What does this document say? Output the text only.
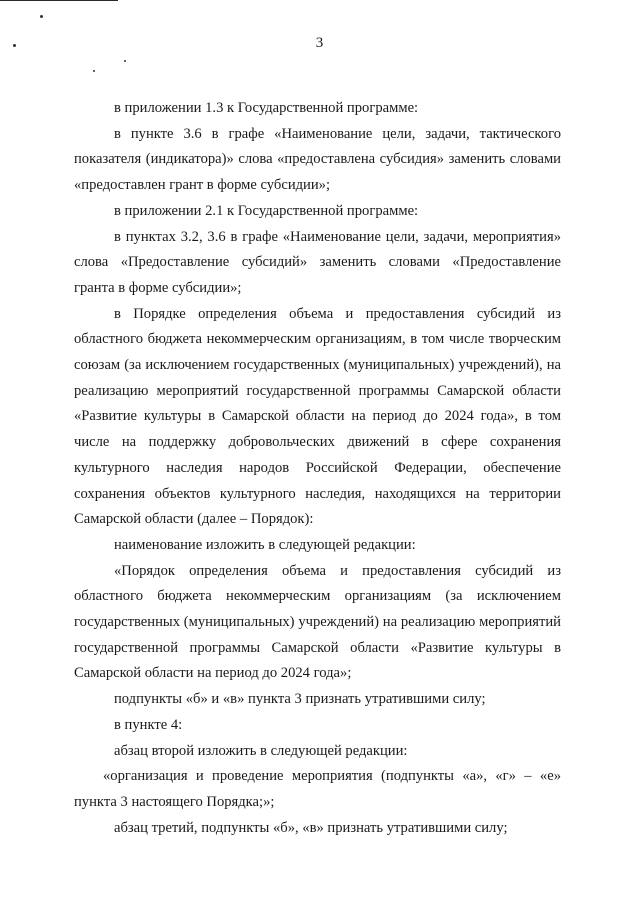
3

в приложении 1.3 к Государственной программе:

в пункте 3.6 в графе «Наименование цели, задачи, тактического показателя (индикатора)» слова «предоставлена субсидия» заменить словами «предоставлен грант в форме субсидии»;

в приложении 2.1 к Государственной программе:

в пунктах 3.2, 3.6 в графе «Наименование цели, задачи, мероприятия» слова «Предоставление субсидий» заменить словами «Предоставление гранта в форме субсидии»;

в Порядке определения объема и предоставления субсидий из областного бюджета некоммерческим организациям, в том числе творческим союзам (за исключением государственных (муниципальных) учреждений), на реализацию мероприятий государственной программы Самарской области «Развитие культуры в Самарской области на период до 2024 года», в том числе на поддержку добровольческих движений в сфере сохранения культурного наследия народов Российской Федерации, обеспечение сохранения объектов культурного наследия, находящихся на территории Самарской области (далее – Порядок):

наименование изложить в следующей редакции:

«Порядок определения объема и предоставления субсидий из областного бюджета некоммерческим организациям (за исключением государственных (муниципальных) учреждений) на реализацию мероприятий государственной программы Самарской области «Развитие культуры в Самарской области на период до 2024 года»;

подпункты «б» и «в» пункта 3 признать утратившими силу;

в пункте 4:

абзац второй изложить в следующей редакции:

«организация и проведение мероприятия (подпункты «а», «г» – «е» пункта 3 настоящего Порядка;»;

абзац третий, подпункты «б», «в» признать утратившими силу;
